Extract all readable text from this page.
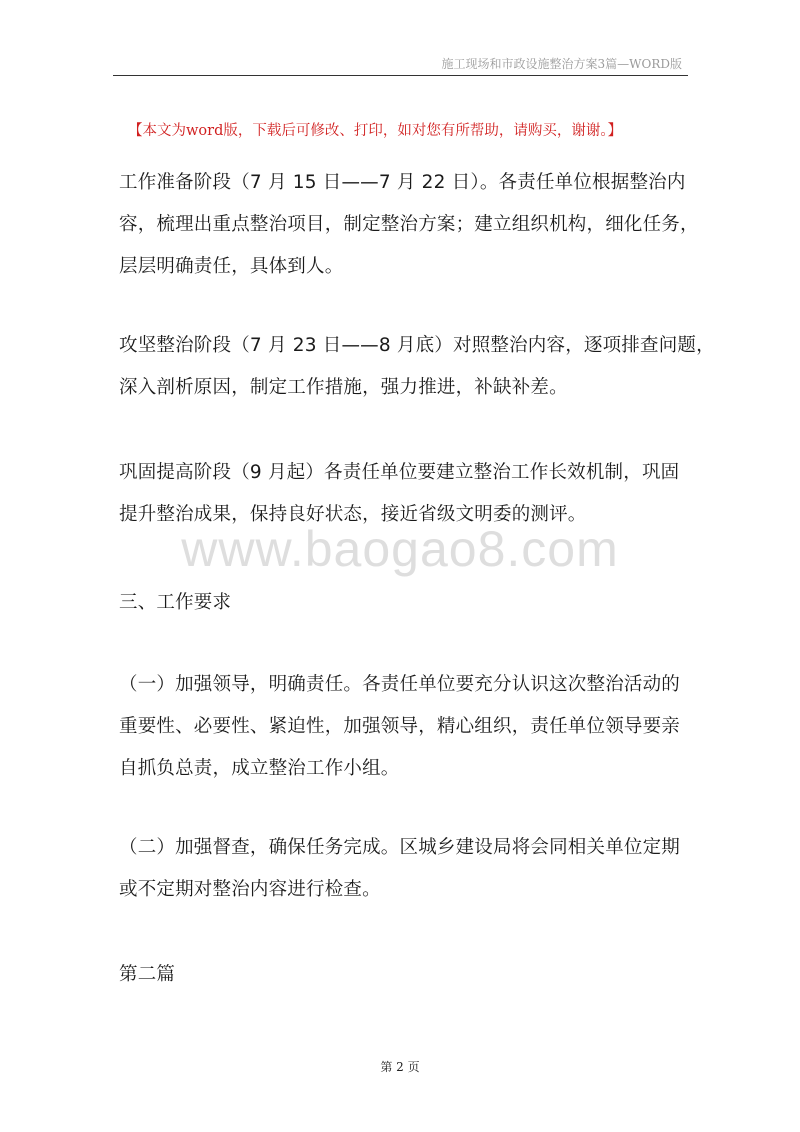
施工现场和市政设施整治方案3篇—WORD版
【本文为word版，下载后可修改、打印，如对您有所帮助，请购买，谢谢。】
工作准备阶段（7 月 15 日——7 月 22 日）。各责任单位根据整治内
容，梳理出重点整治项目，制定整治方案；建立组织机构，细化任务，
层层明确责任，具体到人。
攻坚整治阶段（7 月 23 日——8 月底）对照整治内容，逐项排查问题，
深入剖析原因，制定工作措施，强力推进，补缺补差。
巩固提高阶段（9 月起）各责任单位要建立整治工作长效机制，巩固
提升整治成果，保持良好状态，接近省级文明委的测评。
www.baogao8.com
三、工作要求
（一）加强领导，明确责任。各责任单位要充分认识这次整治活动的
重要性、必要性、紧迫性，加强领导，精心组织，责任单位领导要亲
自抓负总责，成立整治工作小组。
（二）加强督查，确保任务完成。区城乡建设局将会同相关单位定期
或不定期对整治内容进行检查。
第二篇
第 2 页
